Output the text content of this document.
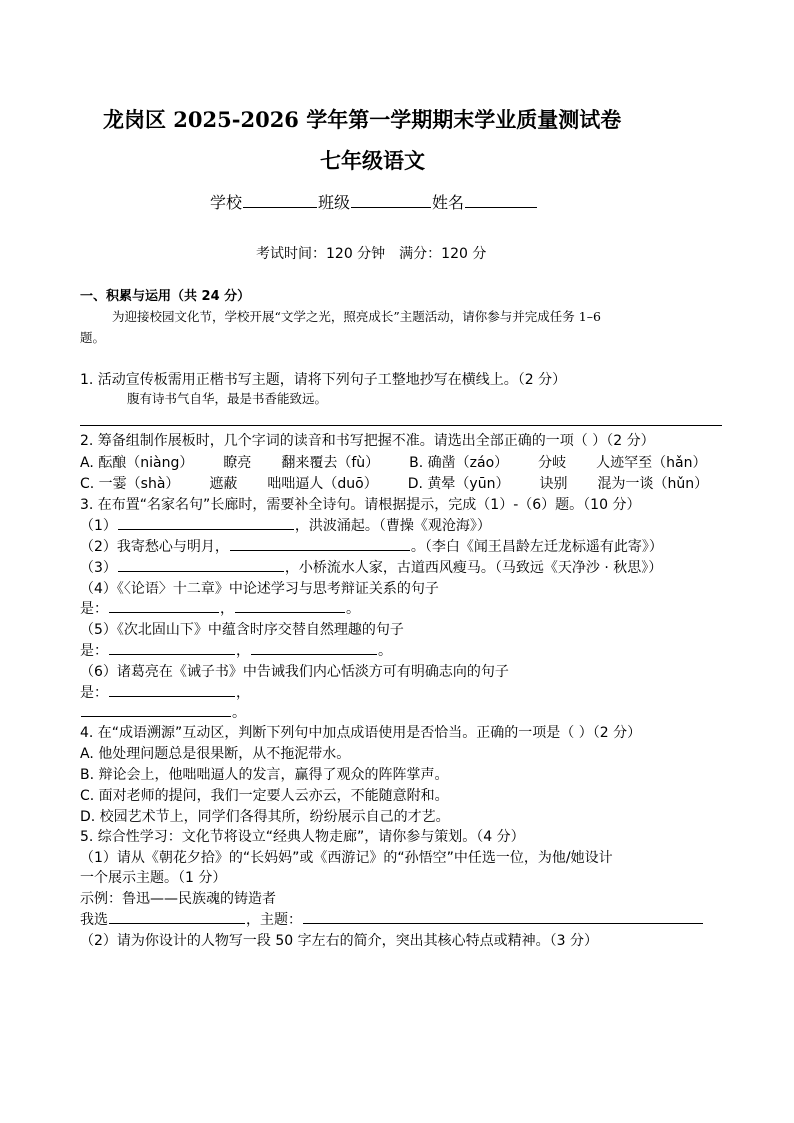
龙岗区 2025-2026 学年第一学期期末学业质量测试卷
七年级语文
学校	班级	姓名
考试时间：120 分钟 满分：120 分
一、积累与运用（共 24 分）
为迎接校园文化节，学校开展“文学之光，照亮成长”主题活动，请你参与并完成任务 1–6
题。
1. 活动宣传板需用正楷书写主题，请将下列句子工整地抄写在横线上。（2 分）
腹有诗书气自华，最是书香能致远。
2. 筹备组制作展板时，几个字词的读音和书写把握不准。请选出全部正确的一项（ ）（2 分）
A. 酝酿（niàng） 瞭亮 翻来覆去（fù） B. 确凿（záo） 分岐 人迹罕至（hǎn）
C. 一霎（shà） 遮蔽 咄咄逼人（duō） D. 黄晕（yūn） 诀别 混为一谈（hǔn）
3. 在布置“名家名句”长廊时，需要补全诗句。请根据提示，完成（1）-（6）题。（10 分）
（1）	，洪波涌起。（曹操《观沧海》）
（2）我寄愁心与明月，	。（李白《闻王昌龄左迁龙标遥有此寄》）
（3）	，小桥流水人家，古道西风瘦马。（马致远《天净沙 · 秋思》）
（4）《〈论语〉十二章》中论述学习与思考辩证关系的句子
是：	，	。
（5）《次北固山下》中蕴含时序交替自然理趣的句子
是：	，	。
（6）诸葛亮在《诫子书》中告诫我们内心恬淡方可有明确志向的句子
是：	，
。
4. 在“成语溯源”互动区，判断下列句中加点成语使用是否恰当。正确的一项是（ ）（2 分）
A. 他处理问题总是很果断，从不拖泥带水。
B. 辩论会上，他咄咄逼人的发言，赢得了观众的阵阵掌声。
C. 面对老师的提问，我们一定要人云亦云，不能随意附和。
D. 校园艺术节上，同学们各得其所，纷纷展示自己的才艺。
5. 综合性学习：文化节将设立“经典人物走廊”，请你参与策划。（4 分）
（1）请从《朝花夕拾》的“长妈妈”或《西游记》的“孙悟空”中任选一位，为他/她设计
一个展示主题。（1 分）
示例：鲁迅——民族魂的铸造者
我选	，主题：
（2）请为你设计的人物写一段 50 字左右的简介，突出其核心特点或精神。（3 分）
